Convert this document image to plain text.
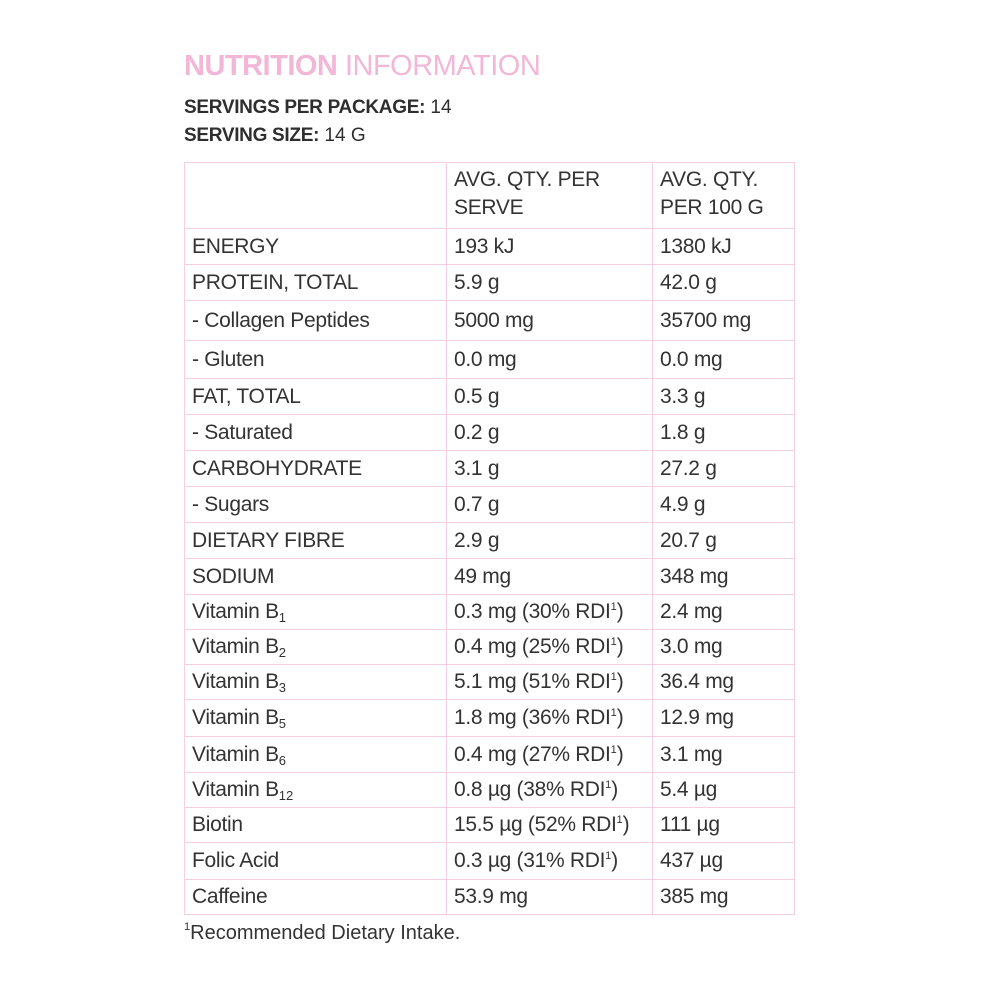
NUTRITION INFORMATION
SERVINGS PER PACKAGE: 14
SERVING SIZE: 14 G
	AVG. QTY. PER SERVE	AVG. QTY. PER 100 G
ENERGY	193 kJ	1380 kJ
PROTEIN, TOTAL	5.9 g	42.0 g
- Collagen Peptides	5000 mg	35700 mg
- Gluten	0.0 mg	0.0 mg
FAT, TOTAL	0.5 g	3.3 g
- Saturated	0.2 g	1.8 g
CARBOHYDRATE	3.1 g	27.2 g
- Sugars	0.7 g	4.9 g
DIETARY FIBRE	2.9 g	20.7 g
SODIUM	49 mg	348 mg
Vitamin B1	0.3 mg (30% RDI$^1$)	2.4 mg
Vitamin B2	0.4 mg (25% RDI$^1$)	3.0 mg
Vitamin B3	5.1 mg (51% RDI$^1$)	36.4 mg
Vitamin B5	1.8 mg (36% RDI$^1$)	12.9 mg
Vitamin B6	0.4 mg (27% RDI$^1$)	3.1 mg
Vitamin B12	0.8 µg (38% RDI$^1$)	5.4 µg
Biotin	15.5 µg (52% RDI$^1$)	111 µg
Folic Acid	0.3 µg (31% RDI$^1$)	437 µg
Caffeine	53.9 mg	385 mg
$^1$Recommended Dietary Intake.
